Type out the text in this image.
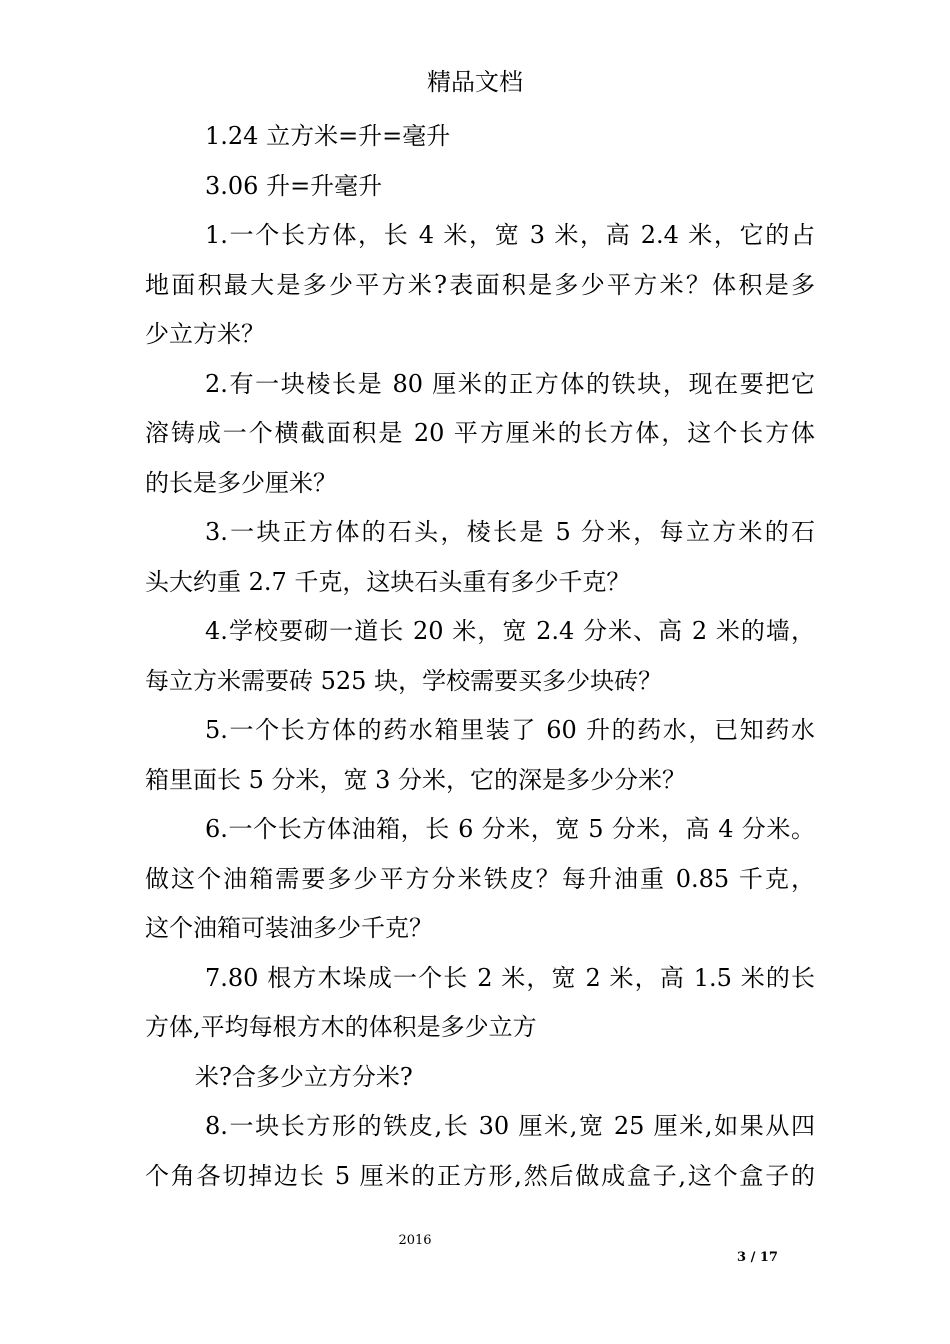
精品文档
1.24 立方米=升=毫升
3.06 升=升毫升
1.一个长方体，长 4 米，宽 3 米，高 2.4 米，它的占
地面积最大是多少平方米?表面积是多少平方米？体积是多
少立方米？
2.有一块棱长是 80 厘米的正方体的铁块，现在要把它
溶铸成一个横截面积是 20 平方厘米的长方体，这个长方体
的长是多少厘米？
3.一块正方体的石头，棱长是 5 分米，每立方米的石
头大约重 2.7 千克，这块石头重有多少千克？
4.学校要砌一道长 20 米，宽 2.4 分米、高 2 米的墙，
每立方米需要砖 525 块，学校需要买多少块砖？
5.一个长方体的药水箱里装了 60 升的药水，已知药水
箱里面长 5 分米，宽 3 分米，它的深是多少分米？
6.一个长方体油箱，长 6 分米，宽 5 分米，高 4 分米。
做这个油箱需要多少平方分米铁皮？每升油重 0.85 千克，
这个油箱可装油多少千克？
7.80 根方木垛成一个长 2 米，宽 2 米，高 1.5 米的长
方体,平均每根方木的体积是多少立方
米?合多少立方分米?
8.一块长方形的铁皮,长 30 厘米,宽 25 厘米,如果从四
个角各切掉边长 5 厘米的正方形,然后做成盒子,这个盒子的
2016
3 / 17
